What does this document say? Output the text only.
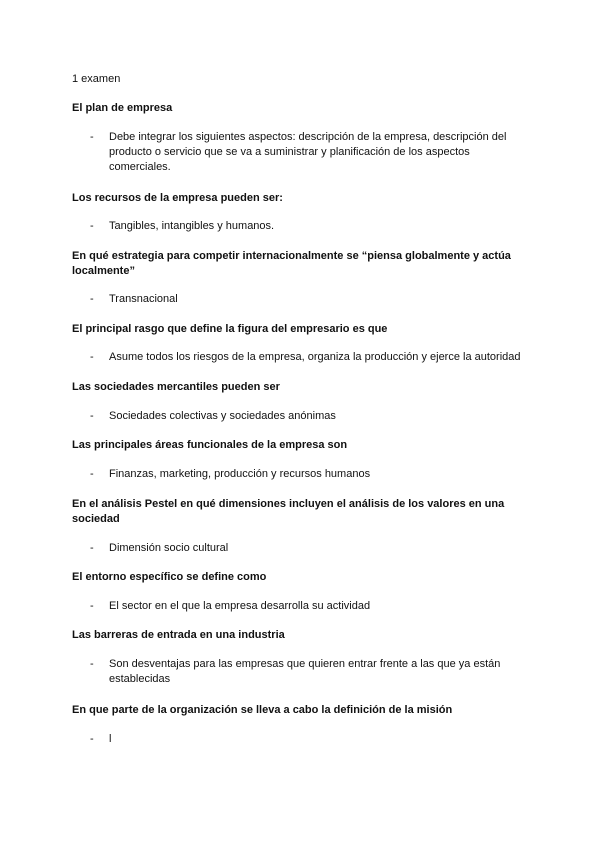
1 examen
El plan de empresa
- Debe integrar los siguientes aspectos: descripción de la empresa, descripción del producto o servicio que se va a suministrar y planificación de los aspectos comerciales.
Los recursos de la empresa pueden ser:
- Tangibles, intangibles y humanos.
En qué estrategia para competir internacionalmente se “piensa globalmente y actúa localmente”
- Transnacional
El principal rasgo que define la figura del empresario es que
- Asume todos los riesgos de la empresa, organiza la producción y ejerce la autoridad
Las sociedades mercantiles pueden ser
- Sociedades colectivas y sociedades anónimas
Las principales áreas funcionales de la empresa son
- Finanzas, marketing, producción y recursos humanos
En el análisis Pestel en qué dimensiones incluyen el análisis de los valores en una sociedad
- Dimensión socio cultural
El entorno específico se define como
- El sector en el que la empresa desarrolla su actividad
Las barreras de entrada en una industria
- Son desventajas para las empresas que quieren entrar frente a las que ya están establecidas
En que parte de la organización se lleva a cabo la definición de la misión
- l
